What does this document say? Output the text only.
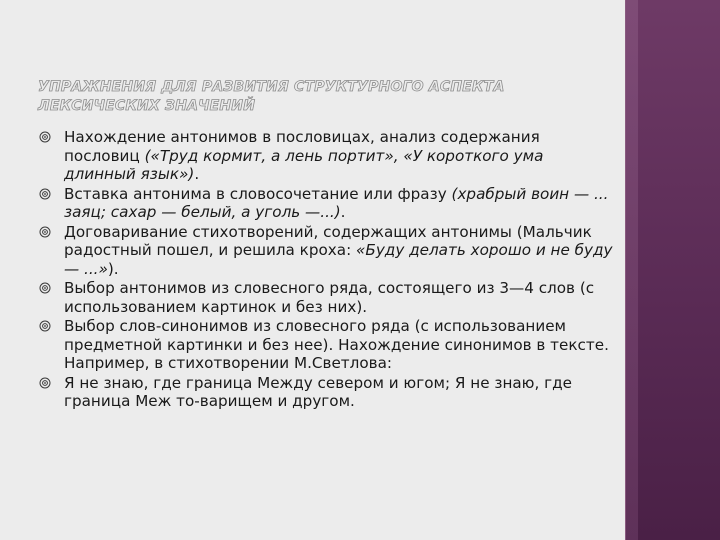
УПРАЖНЕНИЯ ДЛЯ РАЗВИТИЯ СТРУКТУРНОГО АСПЕКТА ЛЕКСИЧЕСКИХ ЗНАЧЕНИЙ
Нахождение антонимов в пословицах, анализ содержания пословиц («Труд кормит, а лень портит», «У короткого ума длинный язык»).
Вставка антонима в словосочетание или фразу (храбрый воин — ... заяц; сахар — белый, а уголь —...).
Договаривание стихотворений, содержащих антонимы (Мальчик радостный пошел, и решила кроха: «Буду делать хорошо и не буду — ...»).
Выбор антонимов из словесного ряда, состоящего из 3—4 слов (с использованием картинок и без них).
Выбор слов-синонимов из словесного ряда (с использованием предметной картинки и без нее). Нахождение синонимов в тексте. Например, в стихотворении М.Светлова:
Я не знаю, где граница Между севером и югом; Я не знаю, где граница Меж то-варищем и другом.
